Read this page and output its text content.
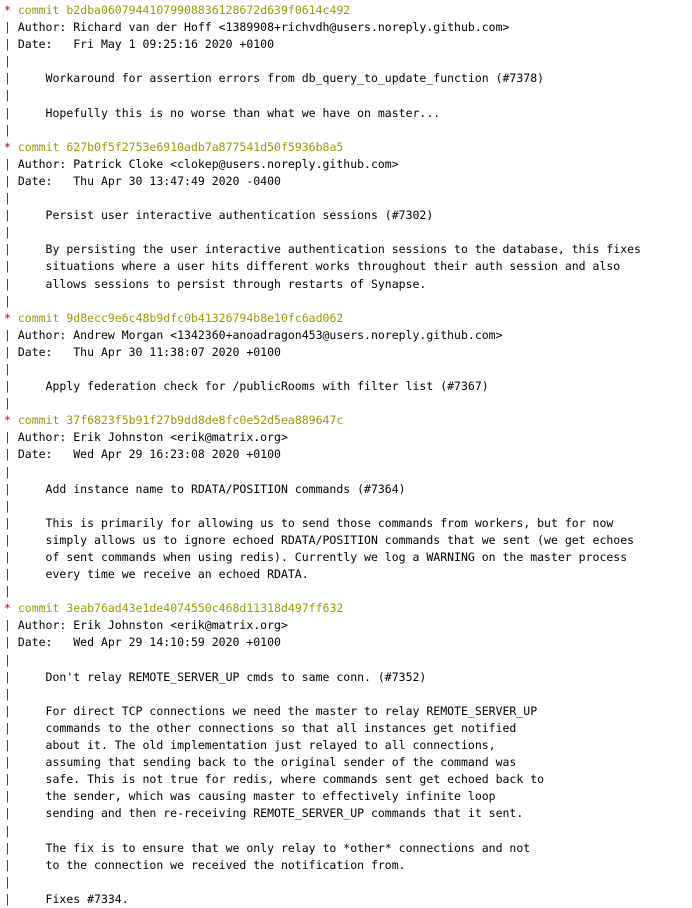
* commit b2dba06079441079908836128672d639f0614c492
| Author: Richard van der Hoff <1389908+richvdh@users.noreply.github.com>
| Date:   Fri May 1 09:25:16 2020 +0100
|
|     Workaround for assertion errors from db_query_to_update_function (#7378)
|
|     Hopefully this is no worse than what we have on master...
|
* commit 627b0f5f2753e6910adb7a877541d50f5936b8a5
| Author: Patrick Cloke <clokep@users.noreply.github.com>
| Date:   Thu Apr 30 13:47:49 2020 -0400
|
|     Persist user interactive authentication sessions (#7302)
|
|     By persisting the user interactive authentication sessions to the database, this fixes
|     situations where a user hits different works throughout their auth session and also
|     allows sessions to persist through restarts of Synapse.
|
* commit 9d8ecc9e6c48b9dfc0b41326794b8e10fc6ad062
| Author: Andrew Morgan <1342360+anoadragon453@users.noreply.github.com>
| Date:   Thu Apr 30 11:38:07 2020 +0100
|
|     Apply federation check for /publicRooms with filter list (#7367)
|
* commit 37f6823f5b91f27b9dd8de8fc0e52d5ea889647c
| Author: Erik Johnston <erik@matrix.org>
| Date:   Wed Apr 29 16:23:08 2020 +0100
|
|     Add instance name to RDATA/POSITION commands (#7364)
|
|     This is primarily for allowing us to send those commands from workers, but for now
|     simply allows us to ignore echoed RDATA/POSITION commands that we sent (we get echoes
|     of sent commands when using redis). Currently we log a WARNING on the master process
|     every time we receive an echoed RDATA.
|
* commit 3eab76ad43e1de4074550c468d11318d497ff632
| Author: Erik Johnston <erik@matrix.org>
| Date:   Wed Apr 29 14:10:59 2020 +0100
|
|     Don't relay REMOTE_SERVER_UP cmds to same conn. (#7352)
|
|     For direct TCP connections we need the master to relay REMOTE_SERVER_UP
|     commands to the other connections so that all instances get notified
|     about it. The old implementation just relayed to all connections,
|     assuming that sending back to the original sender of the command was
|     safe. This is not true for redis, where commands sent get echoed back to
|     the sender, which was causing master to effectively infinite loop
|     sending and then re-receiving REMOTE_SERVER_UP commands that it sent.
|
|     The fix is to ensure that we only relay to *other* connections and not
|     to the connection we received the notification from.
|
|     Fixes #7334.
